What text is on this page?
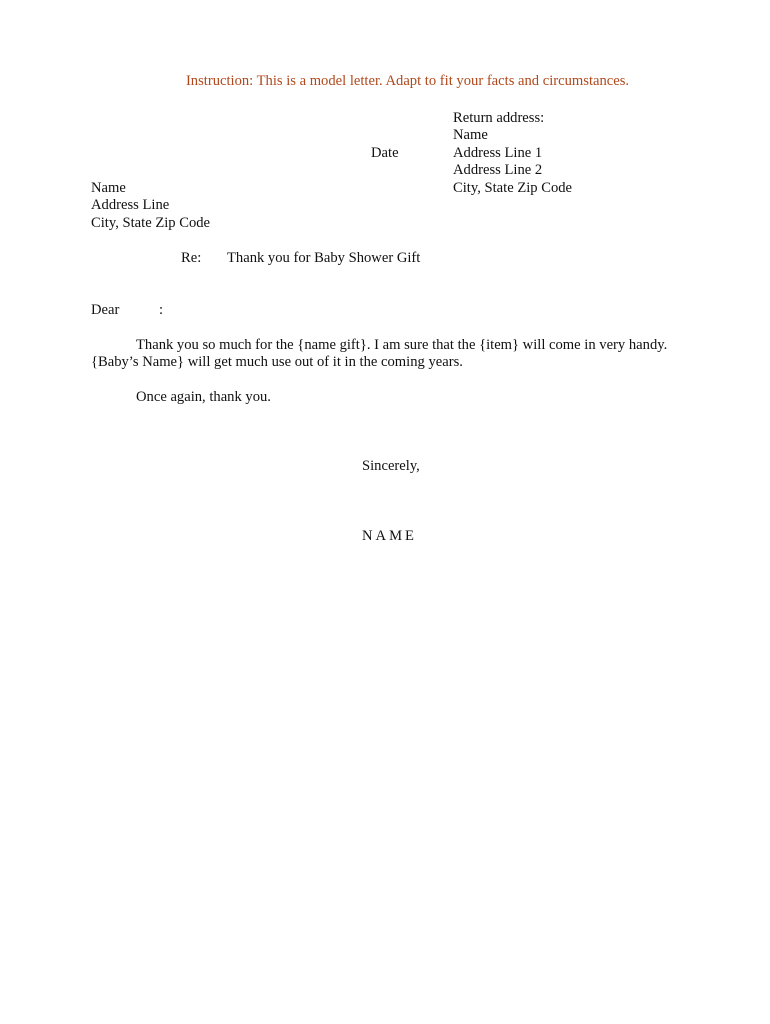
Instruction: This is a model letter. Adapt to fit your facts and circumstances.
Return address:
Name
Address Line 1
Address Line 2
City, State Zip Code
Date
Name
Address Line
City, State Zip Code
Re: Thank you for Baby Shower Gift
Dear	:
Thank you so much for the {name gift}. I am sure that the {item} will come in very handy.
{Baby’s Name} will get much use out of it in the coming years.
Once again, thank you.
Sincerely,
NAME
